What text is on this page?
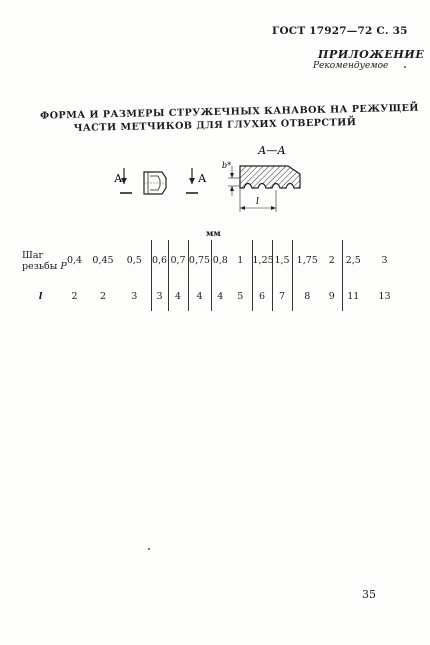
ГОСТ 17927—72 С. 35
ПРИЛОЖЕНИЕ
Рекомендуемое
ФОРМА И РАЗМЕРЫ СТРУЖЕЧНЫХ КАНАВОК НА РЕЖУЩЕЙ
ЧАСТИ МЕТЧИКОВ ДЛЯ ГЛУХИХ ОТВЕРСТИЙ
А	А
А—А
b*
l
мм
Шаг
резьбы P	0,4	0,45	0,5	0,6	0,7	0,75	0,8	1	1,25	1,5	1,75	2	2,5	3
l	2	2	3	3	4	4	4	5	6	7	8	9	11	13
35
